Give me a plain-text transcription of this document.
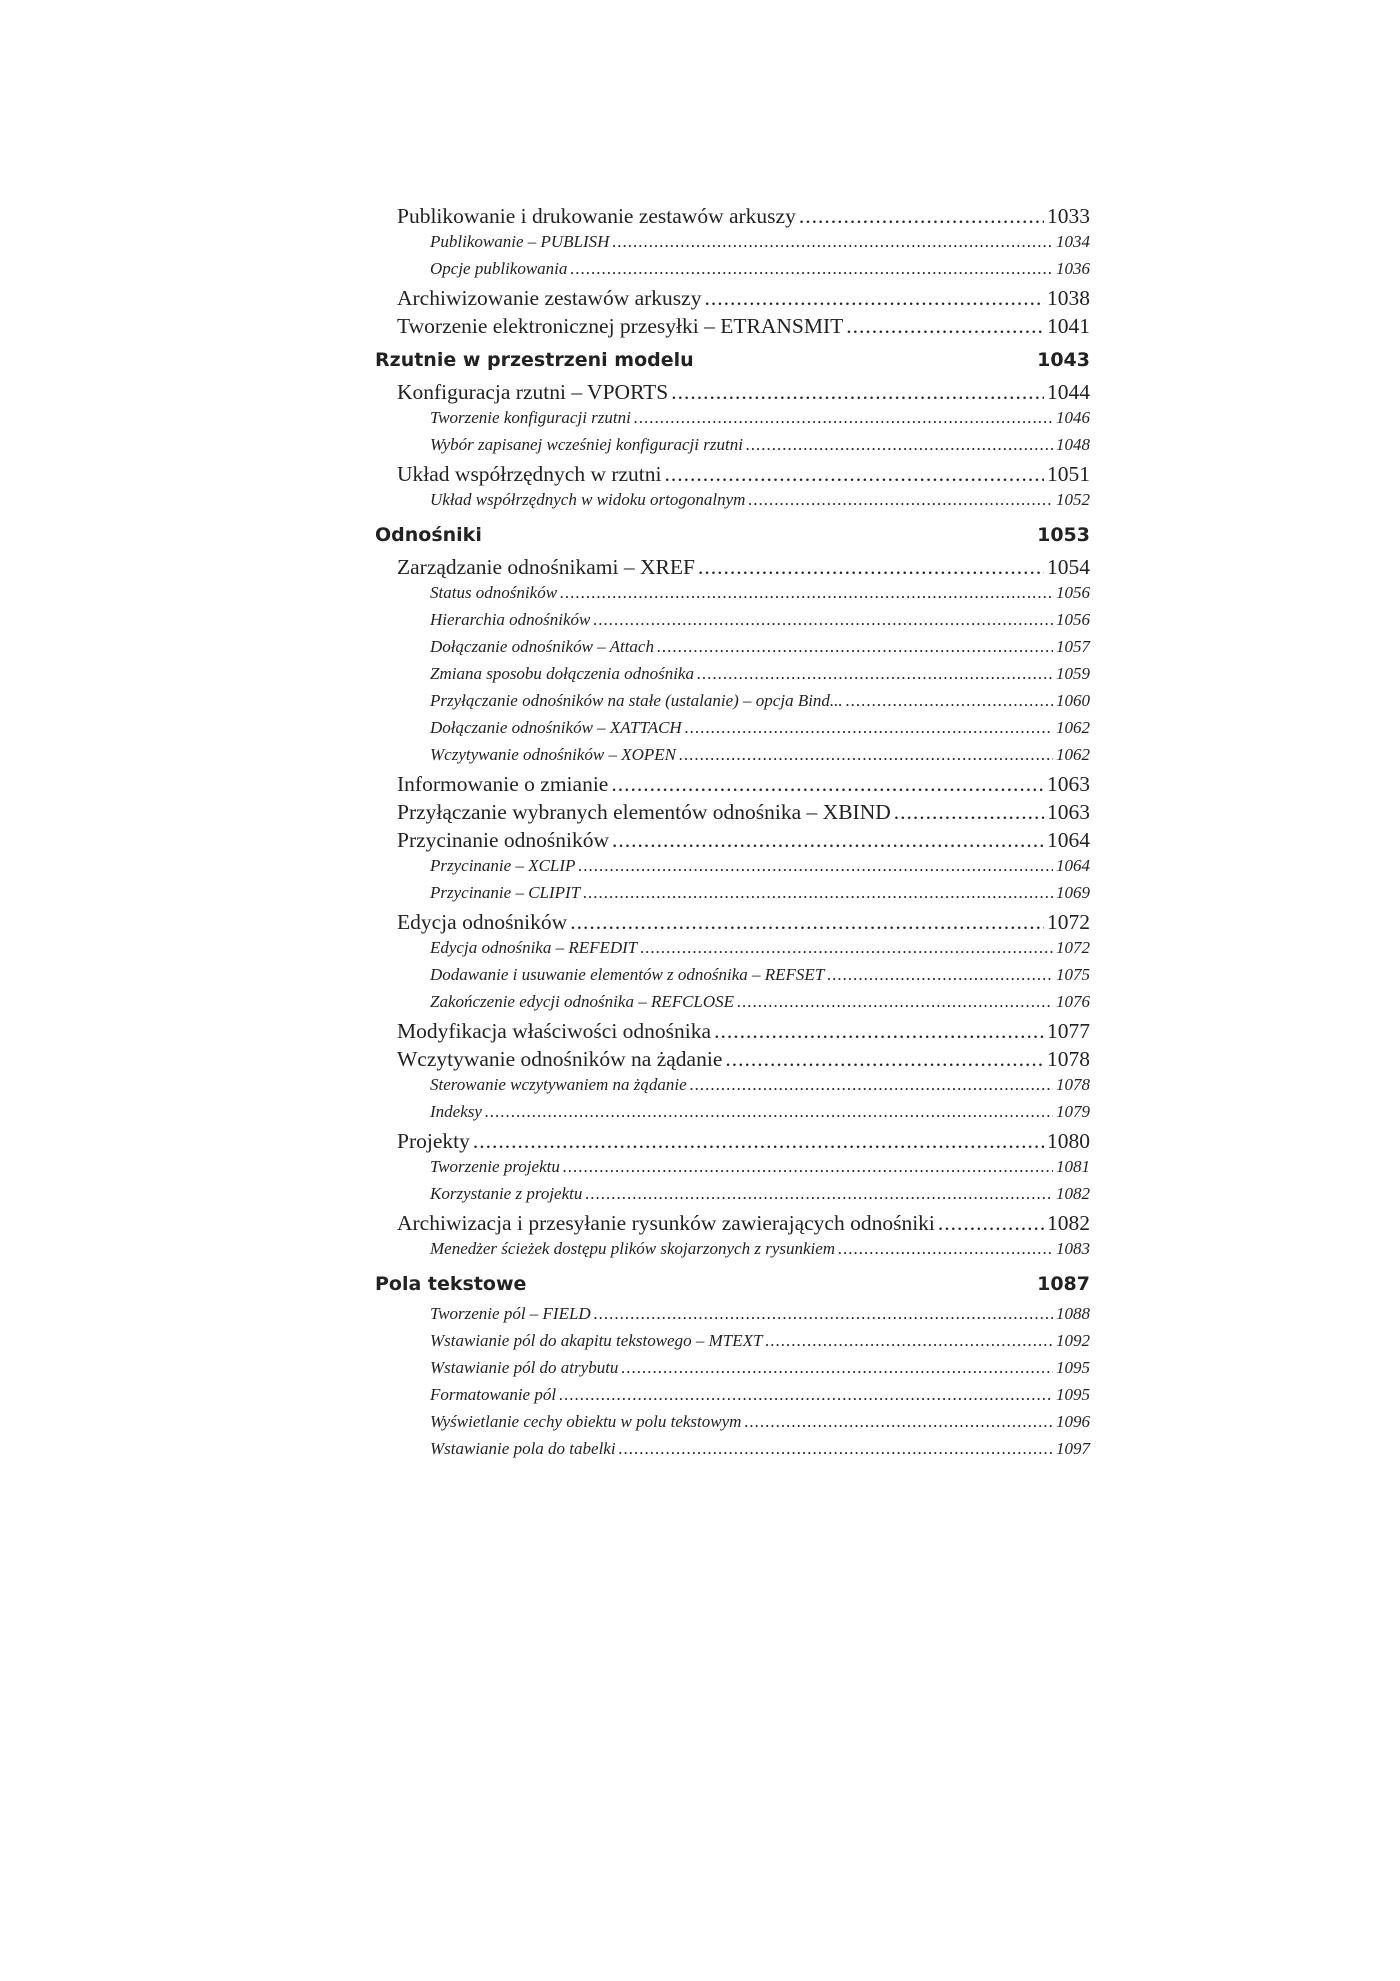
Publikowanie i drukowanie zestawów arkuszy .....	1033
Publikowanie – PUBLISH .....	1034
Opcje publikowania .....	1036
Archiwizowanie zestawów arkuszy .....	1038
Tworzenie elektronicznej przesyłki – ETRANSMIT .....	1041
Rzutnie w przestrzeni modelu	1043
Konfiguracja rzutni – VPORTS .....	1044
Tworzenie konfiguracji rzutni .....	1046
Wybór zapisanej wcześniej konfiguracji rzutni .....	1048
Układ współrzędnych w rzutni .....	1051
Układ współrzędnych w widoku ortogonalnym .....	1052
Odnośniki	1053
Zarządzanie odnośnikami – XREF .....	1054
Status odnośników .....	1056
Hierarchia odnośników .....	1056
Dołączanie odnośników – Attach .....	1057
Zmiana sposobu dołączenia odnośnika .....	1059
Przyłączanie odnośników na stałe (ustalanie) – opcja Bind... .....	1060
Dołączanie odnośników – XATTACH .....	1062
Wczytywanie odnośników – XOPEN .....	1062
Informowanie o zmianie .....	1063
Przyłączanie wybranych elementów odnośnika – XBIND .....	1063
Przycinanie odnośników .....	1064
Przycinanie – XCLIP .....	1064
Przycinanie – CLIPIT .....	1069
Edycja odnośników .....	1072
Edycja odnośnika – REFEDIT .....	1072
Dodawanie i usuwanie elementów z odnośnika – REFSET .....	1075
Zakończenie edycji odnośnika – REFCLOSE .....	1076
Modyfikacja właściwości odnośnika .....	1077
Wczytywanie odnośników na żądanie .....	1078
Sterowanie wczytywaniem na żądanie .....	1078
Indeksy .....	1079
Projekty .....	1080
Tworzenie projektu .....	1081
Korzystanie z projektu .....	1082
Archiwizacja i przesyłanie rysunków zawierających odnośniki .....	1082
Menedżer ścieżek dostępu plików skojarzonych z rysunkiem .....	1083
Pola tekstowe	1087
Tworzenie pól – FIELD .....	1088
Wstawianie pól do akapitu tekstowego – MTEXT .....	1092
Wstawianie pól do atrybutu .....	1095
Formatowanie pól .....	1095
Wyświetlanie cechy obiektu w polu tekstowym .....	1096
Wstawianie pola do tabelki .....	1097
